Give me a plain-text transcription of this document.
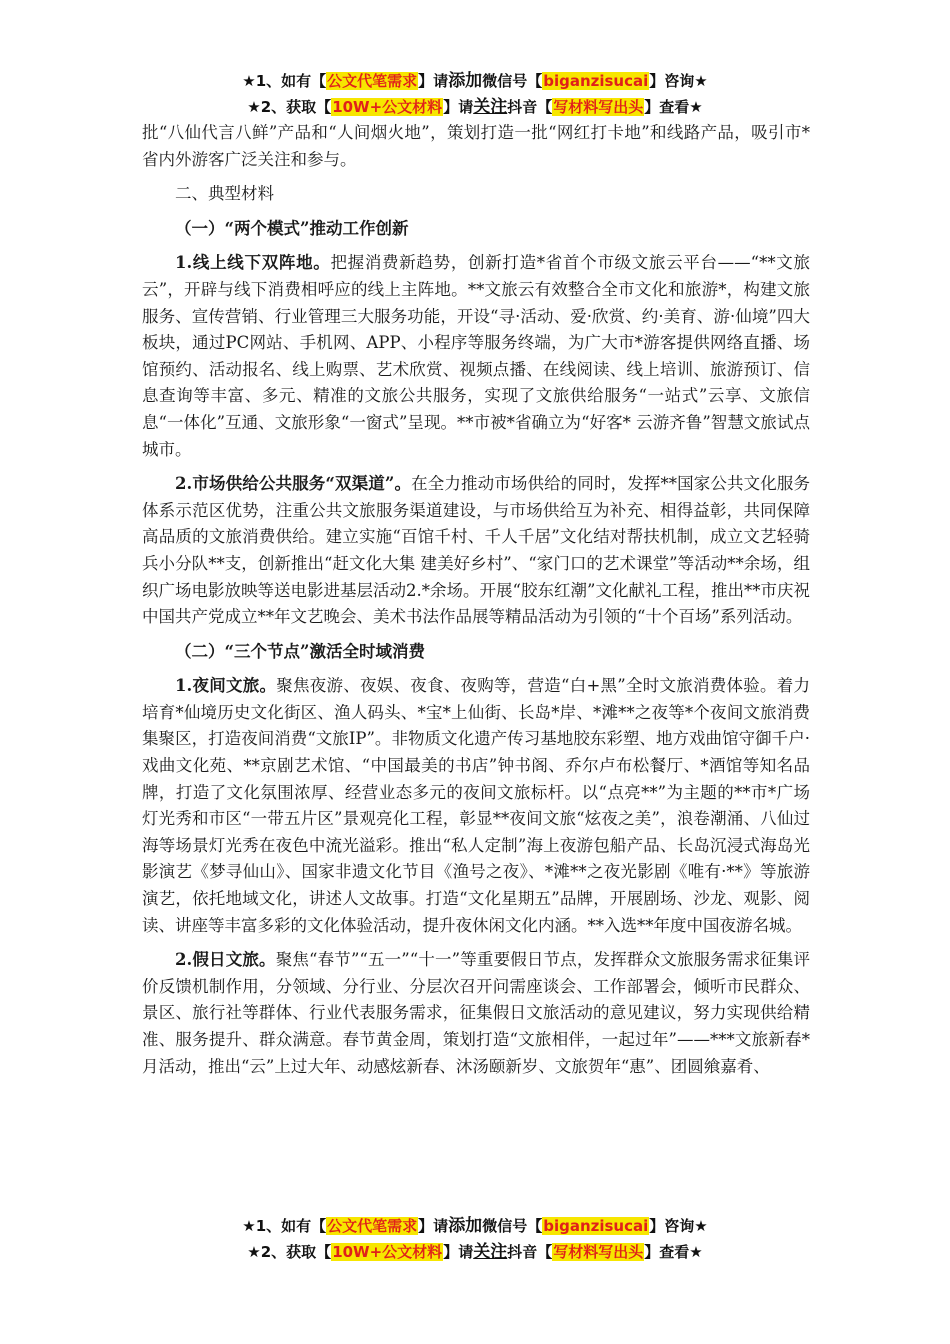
★1、如有【公文代笔需求】请添加微信号【biganzisucai】咨询★
★2、获取【10W+公文材料】请关注抖音【写材料写出头】查看★

批“八仙代言八鲜”产品和“人间烟火地”，策划打造一批“网红打卡地”和线路产品，吸引市*省内外游客广泛关注和参与。

二、典型材料

（一）“两个模式”推动工作创新

1.线上线下双阵地。把握消费新趋势，创新打造*省首个市级文旅云平台——“**文旅云”，开辟与线下消费相呼应的线上主阵地。**文旅云有效整合全市文化和旅游*，构建文旅服务、宣传营销、行业管理三大服务功能，开设“寻·活动、爱·欣赏、约·美育、游·仙境”四大板块，通过PC网站、手机网、APP、小程序等服务终端，为广大市*游客提供网络直播、场馆预约、活动报名、线上购票、艺术欣赏、视频点播、在线阅读、线上培训、旅游预订、信息查询等丰富、多元、精准的文旅公共服务，实现了文旅供给服务“一站式”云享、文旅信息“一体化”互通、文旅形象“一窗式”呈现。**市被*省确立为“好客* 云游齐鲁”智慧文旅试点城市。

2.市场供给公共服务“双渠道”。在全力推动市场供给的同时，发挥**国家公共文化服务体系示范区优势，注重公共文旅服务渠道建设，与市场供给互为补充、相得益彰，共同保障高品质的文旅消费供给。建立实施“百馆千村、千人千居”文化结对帮扶机制，成立文艺轻骑兵小分队**支，创新推出“赶文化大集 建美好乡村”、“家门口的艺术课堂”等活动**余场，组织广场电影放映等送电影进基层活动2.*余场。开展“胶东红潮”文化献礼工程，推出**市庆祝中国共产党成立**年文艺晚会、美术书法作品展等精品活动为引领的“十个百场”系列活动。

（二）“三个节点”激活全时域消费

1.夜间文旅。聚焦夜游、夜娱、夜食、夜购等，营造“白+黑”全时文旅消费体验。着力培育*仙境历史文化街区、渔人码头、*宝*上仙街、长岛*岸、*滩**之夜等*个夜间文旅消费集聚区，打造夜间消费“文旅IP”。非物质文化遗产传习基地胶东彩塑、地方戏曲馆守御千户·戏曲文化苑、**京剧艺术馆、“中国最美的书店”钟书阁、乔尔卢布松餐厅、*酒馆等知名品牌，打造了文化氛围浓厚、经营业态多元的夜间文旅标杆。以“点亮**”为主题的**市*广场灯光秀和市区“一带五片区”景观亮化工程，彰显**夜间文旅“炫夜之美”，浪卷潮涌、八仙过海等场景灯光秀在夜色中流光溢彩。推出“私人定制”海上夜游包船产品、长岛沉浸式海岛光影演艺《梦寻仙山》、国家非遗文化节目《渔号之夜》、*滩**之夜光影剧《唯有·**》等旅游演艺，依托地域文化，讲述人文故事。打造“文化星期五”品牌，开展剧场、沙龙、观影、阅读、讲座等丰富多彩的文化体验活动，提升夜休闲文化内涵。**入选**年度中国夜游名城。

2.假日文旅。聚焦“春节”“五一”“十一”等重要假日节点，发挥群众文旅服务需求征集评价反馈机制作用，分领域、分行业、分层次召开问需座谈会、工作部署会，倾听市民群众、景区、旅行社等群体、行业代表服务需求，征集假日文旅活动的意见建议，努力实现供给精准、服务提升、群众满意。春节黄金周，策划打造“文旅相伴，一起过年”——***文旅新春*月活动，推出“云”上过大年、动感炫新春、沐汤颐新岁、文旅贺年“惠”、团圆飨嘉肴、

★1、如有【公文代笔需求】请添加微信号【biganzisucai】咨询★
★2、获取【10W+公文材料】请关注抖音【写材料写出头】查看★
